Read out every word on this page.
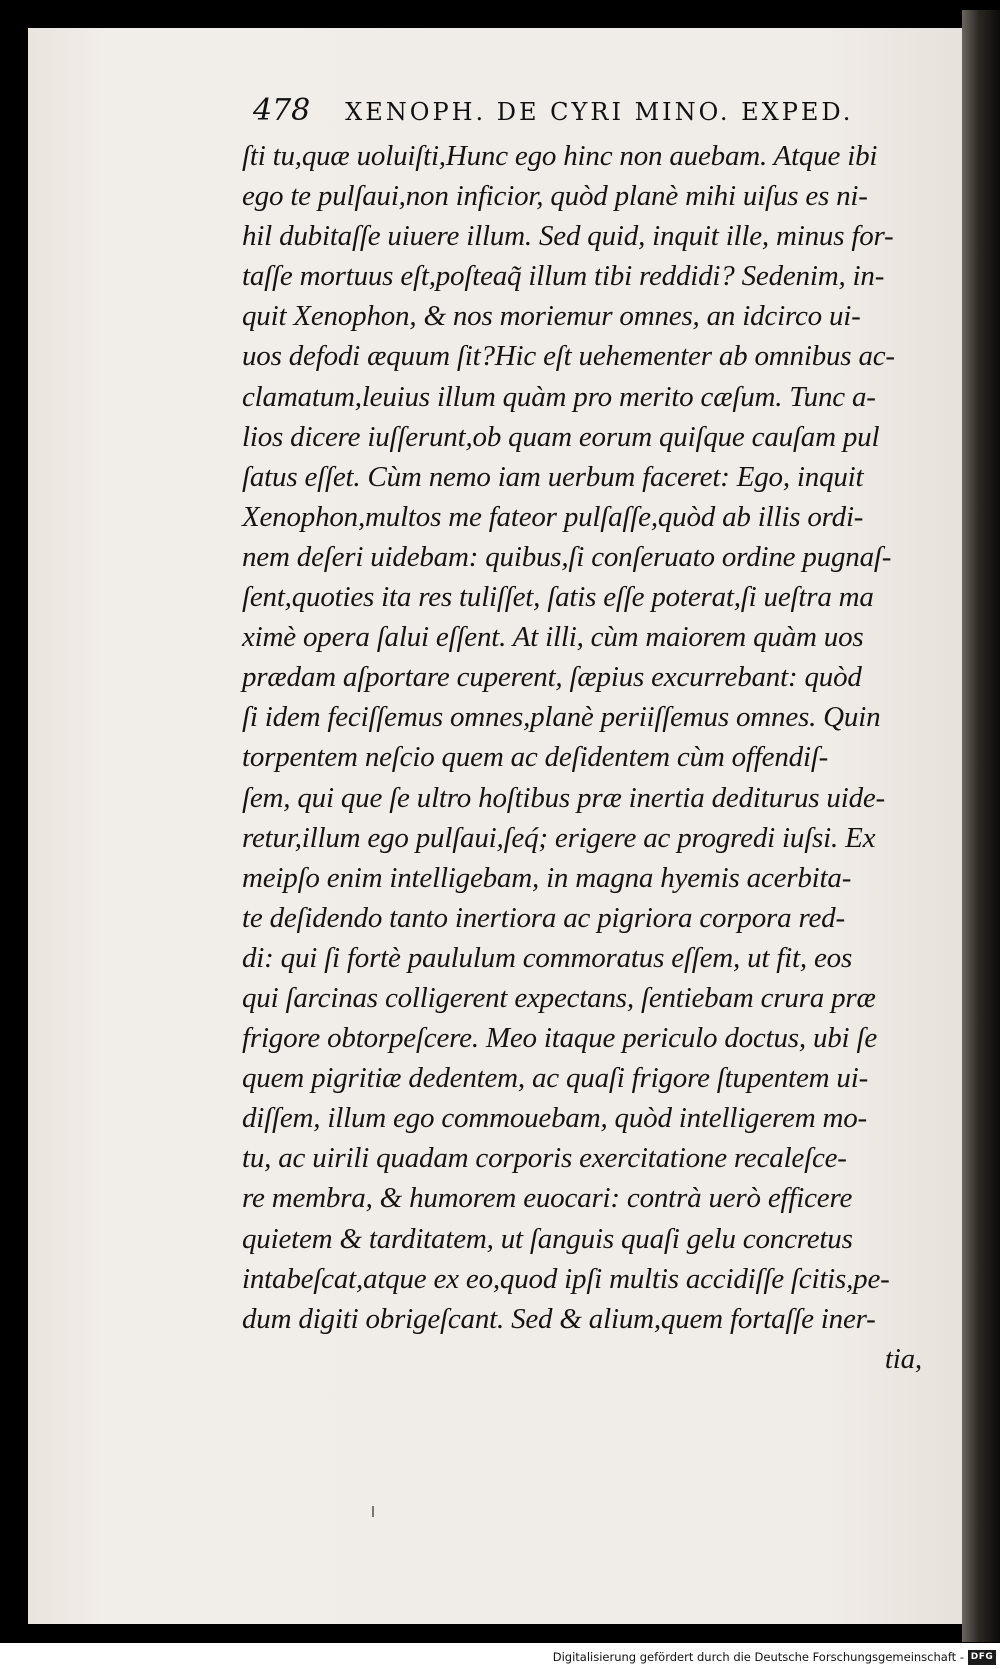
478 XENOPH. DE CYRI MINO. EXPED.
ſti tu,quæ uoluiſti,Hunc ego hinc non auebam. Atque ibi
ego te pulſaui,non inficior, quòd planè mihi uiſus es ni-
hil dubitaſſe uiuere illum. Sed quid, inquit ille, minus for-
taſſe mortuus eſt,poſteaq̃ illum tibi reddidi? Sedenim, in-
quit Xenophon, & nos moriemur omnes, an idcirco ui-
uos defodi æquum ſit?Hic eſt uehementer ab omnibus ac-
clamatum,leuius illum quàm pro merito cæſum. Tunc a-
lios dicere iuſſerunt,ob quam eorum quiſque cauſam pul
ſatus eſſet. Cùm nemo iam uerbum faceret: Ego, inquit
Xenophon,multos me fateor pulſaſſe,quòd ab illis ordi-
nem deſeri uidebam: quibus,ſi conſeruato ordine pugnaſ-
ſent,quoties ita res tuliſſet, ſatis eſſe poterat,ſi ueſtra ma
ximè opera ſalui eſſent. At illi, cùm maiorem quàm uos
prædam aſportare cuperent, ſæpius excurrebant: quòd
ſi idem feciſſemus omnes,planè periiſſemus omnes. Quin
torpentem neſcio quem ac deſidentem cùm offendiſ-
ſem, qui que ſe ultro hoſtibus præ inertia dediturus uide-
retur,illum ego pulſaui,ſeq́; erigere ac progredi iuſsi. Ex
meipſo enim intelligebam, in magna hyemis acerbita-
te deſidendo tanto inertiora ac pigriora corpora red-
di: qui ſi fortè paululum commoratus eſſem, ut fit, eos
qui ſarcinas colligerent expectans, ſentiebam crura præ
frigore obtorpeſcere. Meo itaque periculo doctus, ubi ſe
quem pigritiæ dedentem, ac quaſi frigore ſtupentem ui-
diſſem, illum ego commouebam, quòd intelligerem mo-
tu, ac uirili quadam corporis exercitatione recaleſce-
re membra, & humorem euocari: contrà uerò efficere
quietem & tarditatem, ut ſanguis quaſi gelu concretus
intabeſcat,atque ex eo,quod ipſi multis accidiſſe ſcitis,pe-
dum digiti obrigeſcant. Sed & alium,quem fortaſſe iner-
tia,
Digitalisierung gefördert durch die Deutsche Forschungsgemeinschaft - DFG
